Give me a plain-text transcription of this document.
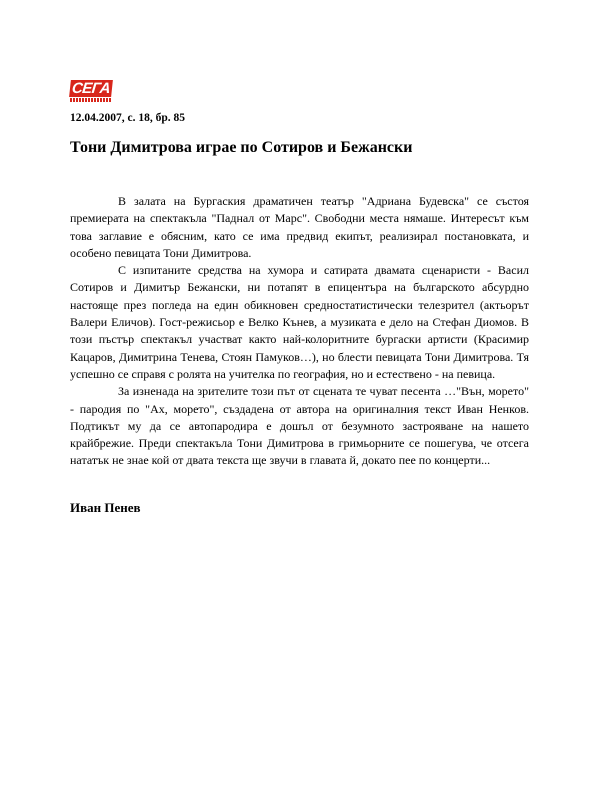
СЕГА
12.04.2007, с. 18, бр. 85
Тони Димитрова играе по Сотиров и Бежански

В залата на Бургаския драматичен театър "Адриана Будевска" се състоя премиерата на спектакъла "Паднал от Марс". Свободни места нямаше. Интересът към това заглавие е обясним, като се има предвид екипът, реализирал постановката, и особено певицата Тони Димитрова.

С изпитаните средства на хумора и сатирата двамата сценаристи - Васил Сотиров и Димитър Бежански, ни потапят в епицентъра на българското абсурдно настояще през погледа на един обикновен средностатистически телезрител (актьорът Валери Еличов). Гост-режисьор е Велко Кънев, а музиката е дело на Стефан Диомов. В този пъстър спектакъл участват както най-колоритните бургаски артисти (Красимир Кацаров, Димитрина Тенева, Стоян Памуков…), но блести певицата Тони Димитрова. Тя успешно се справя с ролята на учителка по география, но и естествено - на певица.

За изненада на зрителите този път от сцената те чуват песента …"Вън, морето" - пародия по "Ах, морето", създадена от автора на оригиналния текст Иван Ненков. Подтикът му да се автопародира е дошъл от безумното застрояване на нашето крайбрежие. Преди спектакъла Тони Димитрова в гримьорните се пошегува, че отсега нататък не знае кой от двата текста ще звучи в главата й, докато пее по концерти...

Иван Пенев
